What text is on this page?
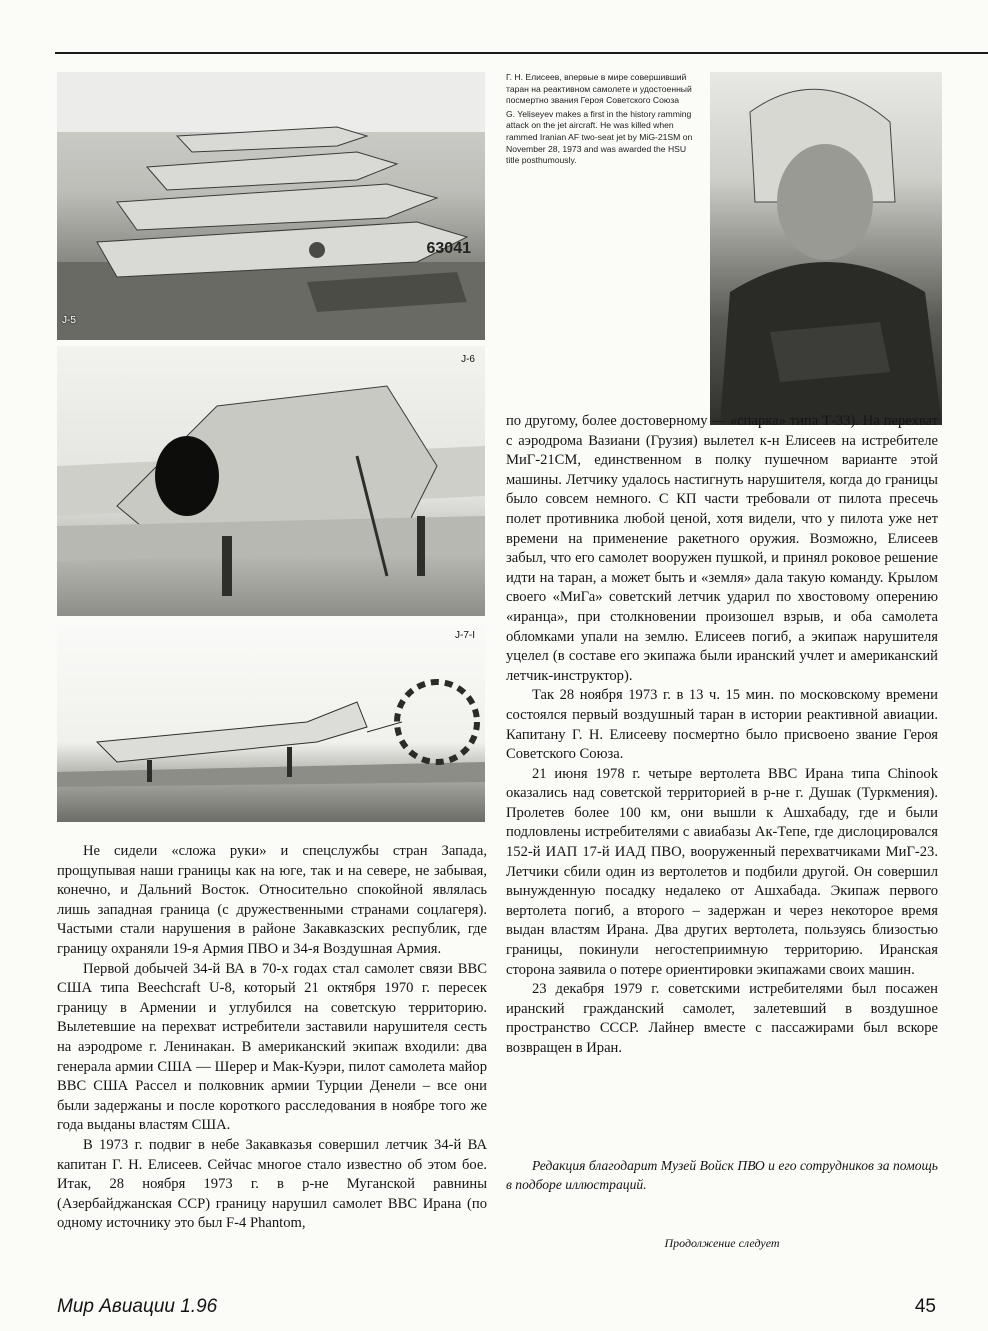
63041
J-5
J-6
J-7-I

Г. Н. Елисеев, впервые в мире совершивший таран на реактивном самолете и удостоенный посмертно звания Героя Советского Союза

G. Yeliseyev makes a first in the history ramming attack on the jet aircraft. He was killed when rammed Iranian AF two-seat jet by MiG-21SM on November 28, 1973 and was awarded the HSU title posthumously.

Не сидели «сложа руки» и спецслужбы стран Запада, прощупывая наши границы как на юге, так и на севере, не забывая, конечно, и Дальний Восток. Относительно спокойной являлась лишь западная граница (с дружественными странами соцлагеря). Частыми стали нарушения в районе Закавказских республик, где границу охраняли 19-я Армия ПВО и 34-я Воздушная Армия.

Первой добычей 34-й ВА в 70-х годах стал самолет связи ВВС США типа Beechcraft U-8, который 21 октября 1970 г. пересек границу в Армении и углубился на советскую территорию. Вылетевшие на перехват истребители заставили нарушителя сесть на аэродроме г. Ленинакан. В американский экипаж входили: два генерала армии США — Шерер и Мак-Куэри, пилот самолета майор ВВС США Рассел и полковник армии Турции Денели – все они были задержаны и после короткого расследования в ноябре того же года выданы властям США.

В 1973 г. подвиг в небе Закавказья совершил летчик 34-й ВА капитан Г. Н. Елисеев. Сейчас многое стало известно об этом бое. Итак, 28 ноября 1973 г. в р-не Муганской равнины (Азербайджанская ССР) границу нарушил самолет ВВС Ирана (по одному источнику это был F-4 Phantom,

по другому, более достоверному — «спарка» типа Т-33). На перехват с аэродрома Вазиани (Грузия) вылетел к-н Елисеев на истребителе МиГ-21СМ, единственном в полку пушечном варианте этой машины. Летчику удалось настигнуть нарушителя, когда до границы было совсем немного. С КП части требовали от пилота пресечь полет противника любой ценой, хотя видели, что у пилота уже нет времени на применение ракетного оружия. Возможно, Елисеев забыл, что его самолет вооружен пушкой, и принял роковое решение идти на таран, а может быть и «земля» дала такую команду. Крылом своего «МиГа» советский летчик ударил по хвостовому оперению «иранца», при столкновении произошел взрыв, и оба самолета обломками упали на землю. Елисеев погиб, а экипаж нарушителя уцелел (в составе его экипажа были иранский учлет и американский летчик-инструктор).

Так 28 ноября 1973 г. в 13 ч. 15 мин. по московскому времени состоялся первый воздушный таран в истории реактивной авиации. Капитану Г. Н. Елисееву посмертно было присвоено звание Героя Советского Союза.

21 июня 1978 г. четыре вертолета ВВС Ирана типа Chinook оказались над советской территорией в р-не г. Душак (Туркмения). Пролетев более 100 км, они вышли к Ашхабаду, где и были подловлены истребителями с авиабазы Ак-Тепе, где дислоцировался 152-й ИАП 17-й ИАД ПВО, вооруженный перехватчиками МиГ-23. Летчики сбили один из вертолетов и подбили другой. Он совершил вынужденную посадку недалеко от Ашхабада. Экипаж первого вертолета погиб, а второго – задержан и через некоторое время выдан властям Ирана. Два других вертолета, пользуясь близостью границы, покинули негостеприимную территорию. Иранская сторона заявила о потере ориентировки экипажами своих машин.

23 декабря 1979 г. советскими истребителями был посажен иранский гражданский самолет, залетевший в воздушное пространство СССР. Лайнер вместе с пассажирами был вскоре возвращен в Иран.

Редакция благодарит Музей Войск ПВО и его сотрудников за помощь в подборе иллюстраций.
Продолжение следует
Мир Авиации 1.96	45
